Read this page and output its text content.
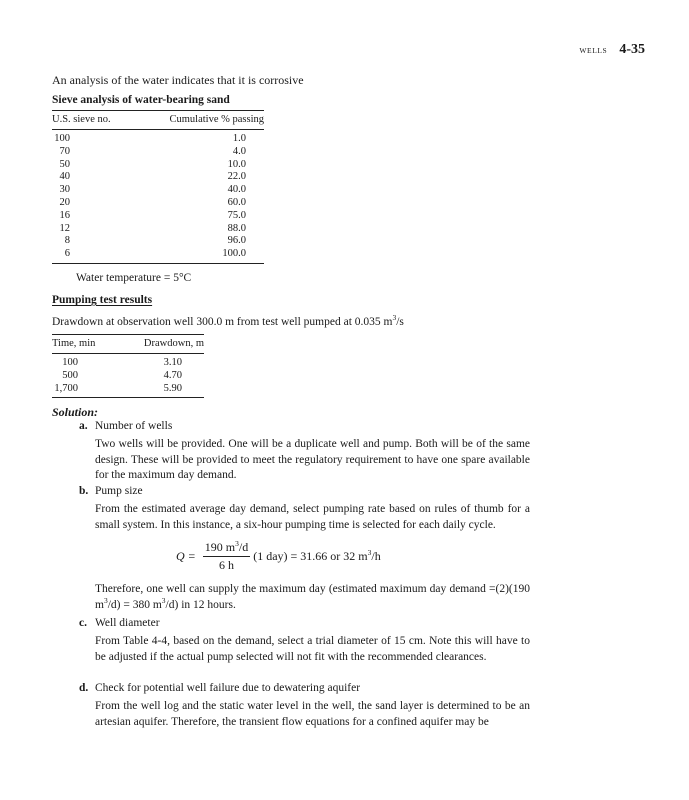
WELLS 4-35
An analysis of the water indicates that it is corrosive
Sieve analysis of water-bearing sand
U.S. sieve no.	Cumulative % passing
100	1.0
70	4.0
50	10.0
40	22.0
30	40.0
20	60.0
16	75.0
12	88.0
8	96.0
6	100.0
Water temperature = 5°C
Pumping test results
Drawdown at observation well 300.0 m from test well pumped at 0.035 $m^3/s$
Time, min	Drawdown, m
100	3.10
500	4.70
1,700	5.90
Solution:
a. Number of wells
Two wells will be provided. One will be a duplicate well and pump. Both will be of the same design. These will be provided to meet the regulatory requirement to have one spare available for the maximum day demand.
b. Pump size
From the estimated average day demand, select pumping rate based on rules of thumb for a small system. In this instance, a six-hour pumping time is selected for each daily cycle.
$Q = \frac{190 m^3/d}{6 h} (1$ day) = 31.66 or 32 $m^3/h$
Therefore, one well can supply the maximum day (estimated maximum day demand =(2)(190 $m^3/d) = 380$ $m^3/d$) in 12 hours.
c. Well diameter
From Table 4-4, based on the demand, select a trial diameter of 15 cm. Note this will have to be adjusted if the actual pump selected will not fit with the recommended clearances.
d. Check for potential well failure due to dewatering aquifer
From the well log and the static water level in the well, the sand layer is determined to be an artesian aquifer. Therefore, the transient flow equations for a confined aquifer may be
